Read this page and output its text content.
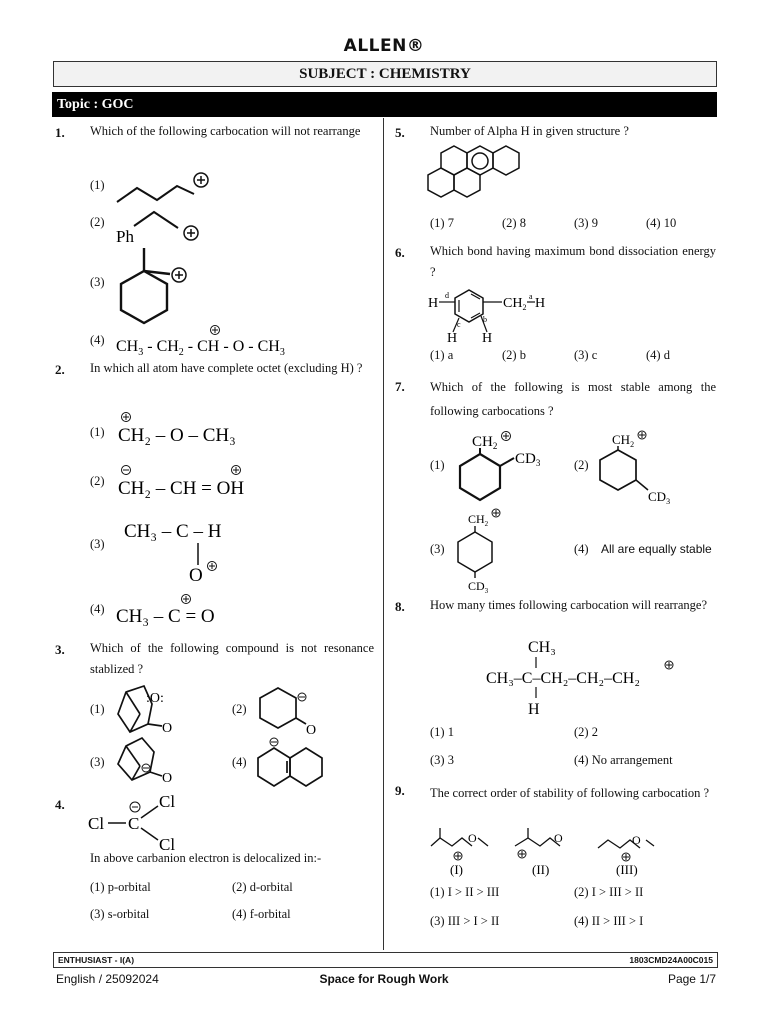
ALLEN®
SUBJECT : CHEMISTRY
Topic : GOC
1. Which of the following carbocation will not rearrange
(1)
(2)
Ph
(3)
(4) $CH_3 - CH_2$ - CH - O - $CH_3$
2. In which all atom have complete octet (excluding H) ?
(1) CH₂ – O – CH₃
(2) CH₂ – CH = OH
(3)
CH₃ – C – H
O
(4) CH₃ – C = O
3. Which of the following compound is not resonance stablized ?
(1)
O
:O:
(2)
O
(3)
O
(4)
4.
Cl C
Cl
Cl
In above carbanion electron is delocalized in:-
(1) p-orbital	(2) d-orbital
(3) s-orbital	(4) f-orbital
5. Number of Alpha H in given structure ?
(1) 7	(2) 8	(3) 9	(4) 10
6. Which bond having maximum bond dissociation energy ?
H
d
$CH_2$
a H
c
H
b
H
(1) a	(2) b	(3) c	(4) d
7. Which of the following is most stable among the following carbocations ?
(1)
$CH_2$
$CD_3$	(2)
$CH_2$
$CD_3$
(3)
$CH_2$
$CD_3$
(4) All are equally stable
8. How many times following carbocation will rearrange?
CH₃
CH₃–C–CH₂–CH₂–CH₂
H
(1) 1	(2) 2
(3) 3	(4) No arrangement
9. The correct order of stability of following carbocation ?
O
(I)
O
(II)
O
(III)
(1) I > II > III	(2) I > III > II
(3) III > I > II	(4) II > III > I
ENTHUSIAST - I(A)	1803CMD24A00C015
English / 25092024	Space for Rough Work	Page 1/7
